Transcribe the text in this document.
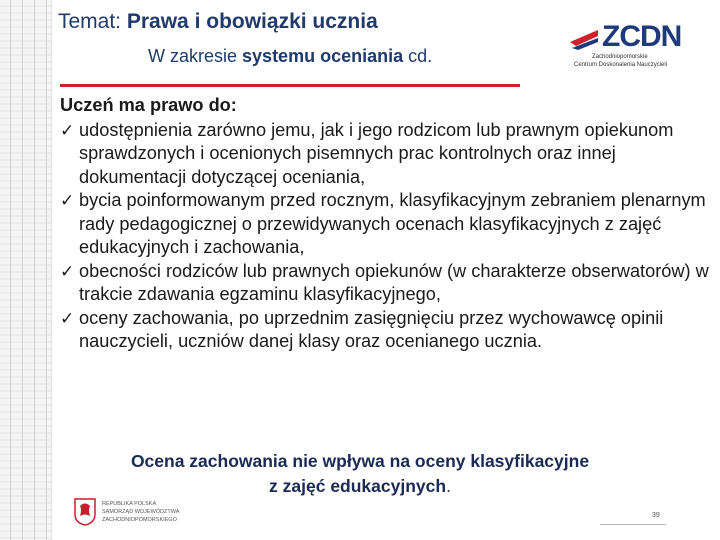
Temat: Prawa i obowiązki ucznia
W zakresie systemu oceniania cd.
ZCDN
Zachodniopomorskie
Centrum Doskonalenia Nauczycieli
Uczeń ma prawo do:
✓ udostępnienia zarówno jemu, jak i jego rodzicom lub prawnym opiekunom sprawdzonych i ocenionych pisemnych prac kontrolnych oraz innej dokumentacji dotyczącej oceniania,
✓ bycia poinformowanym przed rocznym, klasyfikacyjnym zebraniem plenarnym rady pedagogicznej o przewidywanych ocenach klasyfikacyjnych z zajęć edukacyjnych i zachowania,
✓ obecności rodziców lub prawnych opiekunów (w charakterze obserwatorów) w trakcie zdawania egzaminu klasyfikacyjnego,
✓ oceny zachowania, po uprzednim zasięgnięciu przez wychowawcę opinii nauczycieli, uczniów danej klasy oraz ocenianego ucznia.
Ocena zachowania nie wpływa na oceny klasyfikacyjne
z zajęć edukacyjnych.
REPUBLIKA POLSKA
SAMORZĄD WOJEWÓDZTWA
ZACHODNIOPOMORSKIEGO
39
